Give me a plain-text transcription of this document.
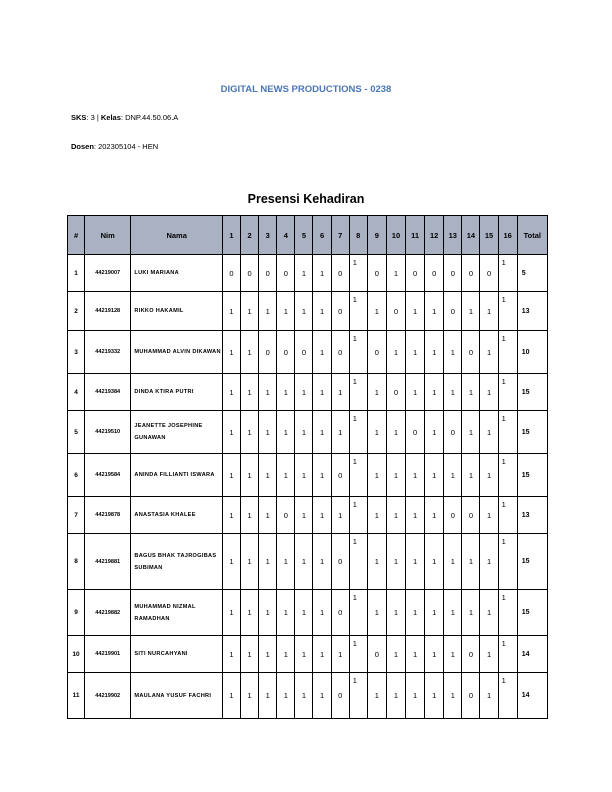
DIGITAL NEWS PRODUCTIONS - 0238
SKS: 3 | Kelas: DNP.44.50.06.A
Dosen: 202305104 - HEN
Presensi Kehadiran
#	Nim	Nama	1	2	3	4	5	6	7	8	9	10	11	12	13	14	15	16	Total
1	44219007	LUKI MARIANA	0	0	0	0	1	1	0	1	0	1	0	0	0	0	0	1	5
2	44219128	RIKKO HAKAMIL	1	1	1	1	1	1	0	1	1	0	1	1	0	1	1	1	13
3	44219332	MUHAMMAD ALVIN DIKAWAN	1	1	0	0	0	1	0	1	0	1	1	1	1	0	1	1	10
4	44219384	DINDA KTIRA PUTRI	1	1	1	1	1	1	1	1	1	0	1	1	1	1	1	1	15
5	44219510	JEANETTE JOSEPHINE GUNAWAN	1	1	1	1	1	1	1	1	1	1	0	1	0	1	1	1	15
6	44219584	ANINDA FILLIANTI ISWARA	1	1	1	1	1	1	0	1	1	1	1	1	1	1	1	1	15
7	44219878	ANASTASIA KHALEE	1	1	1	0	1	1	1	1	1	1	1	1	0	0	1	1	13
8	44219881	BAGUS BHAK TAJROGIBAS SUBIMAN	1	1	1	1	1	1	0	1	1	1	1	1	1	1	1	1	15
9	44219882	MUHAMMAD NIZMAL RAMADHAN	1	1	1	1	1	1	0	1	1	1	1	1	1	1	1	1	15
10	44219901	SITI NURCAHYANI	1	1	1	1	1	1	1	1	0	1	1	1	1	0	1	1	14
11	44219902	MAULANA YUSUF FACHRI	1	1	1	1	1	1	0	1	1	1	1	1	1	0	1	1	14
